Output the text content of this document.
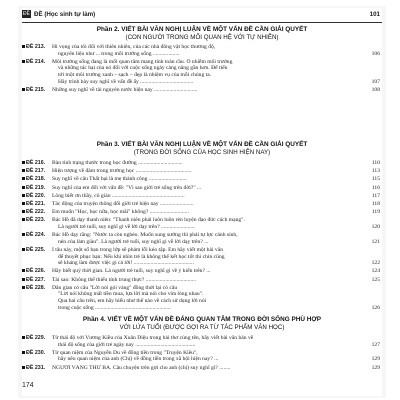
ĐỀ ĐỀ (Học sinh tự làm)	101
Phần 2. VIẾT BÀI VĂN NGHỊ LUẬN VỀ MỘT VẤN ĐỀ CẦN GIẢI QUYẾT
(CON NGƯỜI TRONG MỐI QUAN HỆ VỚI TỰ NHIÊN)
ĐỀ 213. Hi vọng của tôi đối với thiên nhiên, của các nhà đông vật học thương độ,
nguyên liệu như ... trong mỗi trường sống ...................	106
ĐỀ 214. Môi trường sống đang là mối quan tâm mang tính toàn cầu. Ô nhiễm môi trường
và những tác hại của nó đối với cuộc sống ngày càng nâng gần hơn. Để tiến
tới một môi trường xanh – sạch – đẹp là nhiệm vụ của mỗi chúng ta.
Hãy trình bày suy nghĩ về vấn đề ấy ......................................	107
ĐỀ 215. Những suy nghĩ về tài nguyên nước hiện nay ...............................	108
Phần 3. VIẾT BÀI VĂN NGHỊ LUẬN VỀ MỘT VẤN ĐỀ CẦN GIẢI QUYẾT
(TRONG ĐỜI SỐNG CỦA HỌC SINH HIỆN NAY)
ĐỀ 216. Bàn tình trạng thước trong học đường ................................	110
ĐỀ 217. Hiện tượng về đàm trong trường học ........................................	113
ĐỀ 218. Suy nghĩ về câu Thất bại là mẹ thành công ...........................	115
ĐỀ 219. Suy nghĩ của em đối với vấn đề: "Vì sao giới trẻ sống trên đời?" ...	116
ĐỀ 220. Lòng biết ơn thầy, cô giáo ....................................................	117
ĐỀ 221. Tác động của truyện thông đối giới trẻ hiện nay ........................	118
ĐỀ 222. Em muốn "Học, học nữa, học mãi" không? ............................	119
ĐỀ 223. Bác Hồ đã dạy thanh niên: "Thanh niên phải luôn luôn rèn luyện đạo đức cách mạng".
Là người trẻ tuổi, suy nghĩ gi về lời dạy trên? ........................	120
ĐỀ 224. Bác Hồ dạy rằng: "Nước ta còn nghèo. Muốn sung sướng thì phải tự lực cánh sinh,
nén của làm giàu". Là người trẻ tuổi, suy nghĩ gi về lời dạy trên? ...	121
ĐỀ 225. Í tâu này, một số bạn trong lớp sẽ phảm lỗi kéo tập. Em hãy viết một bài văn
để thuyết phục bạn: Nếu khi nhìn trẻ là không thể kết học tốt thì chìn cũng
sẽ kháng làm được việc gi cả lới! ...........................................	122
ĐỀ 226. Hãy biết quý thời gian. Là người trẻ tuổi, suy nghĩ gi về ý kiến trên? ...	124
ĐỀ 227. Tài sao: Không thể thiếu tính trung thực? ....................................	125
ĐỀ 228. Dân gian có câu "Lời nói gói vàng" đồng thời lại có câu
"Lời nói không mất tiền mua, lựa lời mà nói cho vừa lòng nhau".
Qua hai câu trên, em hãy hiểu như thế nào về cách sử dụng lời nói
trong cuộc sống ......................................................	126
Phần 4. VIẾT VỀ MỘT VẤN ĐỀ ĐÁNG QUAN TÂM TRONG ĐỜI SỐNG PHÙ HỢP
VỚI LỨA TUỔI (ĐƯỢC GỢI RA TỪ TÁC PHẨM VĂN HỌC)
ĐỀ 229. Từ thái độ với Vương Kiều của Xuân Diệu trong bài thơ cùng tên, hãy viết bài văn bàn về
thái độ sống của giới trẻ ngày nay ...........................................	127
ĐỀ 230. Từ quan niệm của Nguyễn Du về đồng tiền trong "Truyện Kiều",
hãy nêu quan niệm của anh (Chị) về đồng tiền trong xã hội hiện nay? ...	129
ĐỀ 231. NGƯỜI VÀNG THỨ BA. Câu chuyện trên gợi cho anh (chị) suy nghĩ gì? ........	129
174
